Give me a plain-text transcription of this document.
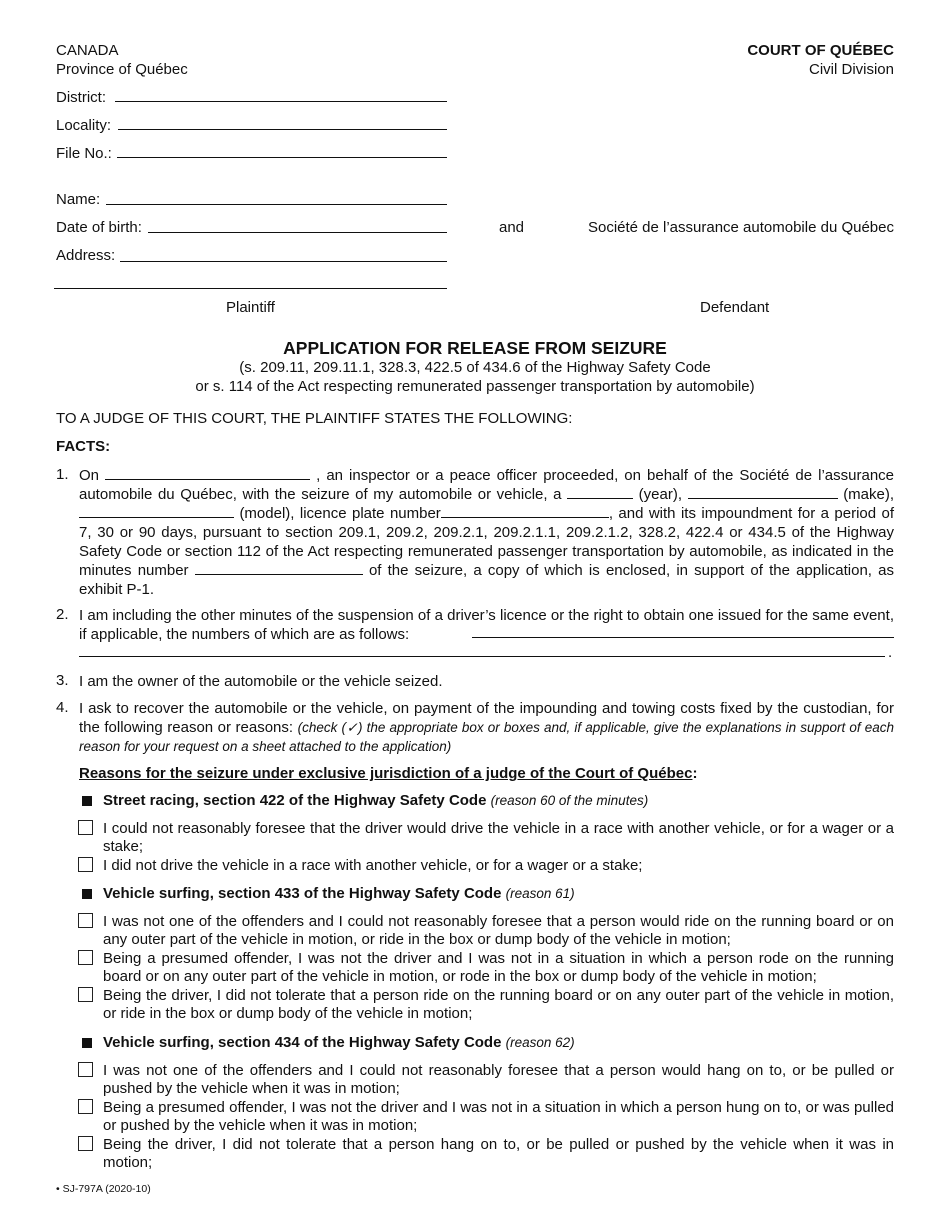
CANADA
Province of Québec
COURT OF QUÉBEC
Civil Division
District:
Locality:
File No.:
Name:
Date of birth:
Address:
and	Société de l’assurance automobile du Québec
Plaintiff	Defendant
APPLICATION FOR RELEASE FROM SEIZURE
(s. 209.11, 209.11.1, 328.3, 422.5 of 434.6 of the Highway Safety Code
or s. 114 of the Act respecting remunerated passenger transportation by automobile)
TO A JUDGE OF THIS COURT, THE PLAINTIFF STATES THE FOLLOWING:
FACTS:
1. On	, an inspector or a peace officer proceeded, on behalf of the Société de l’assurance automobile du Québec, with the seizure of my automobile or vehicle, a	(year),	(make),  (model), licence plate number	, and with its impoundment for a period of 7, 30 or 90 days, pursuant to section 209.1, 209.2, 209.2.1, 209.2.1.1, 209.2.1.2, 328.2, 422.4 or 434.5 of the Highway Safety Code or section 112 of the Act respecting remunerated passenger transportation by automobile, as indicated in the minutes number	of the seizure, a copy of which is enclosed, in support of the application, as exhibit P-1.
2. I am including the other minutes of the suspension of a driver’s licence or the right to obtain one issued for the same event, if applicable, the numbers of which are as follows:
.
3. I am the owner of the automobile or the vehicle seized.
4. I ask to recover the automobile or the vehicle, on payment of the impounding and towing costs fixed by the custodian, for the following reason or reasons: (check (✓) the appropriate box or boxes and, if applicable, give the explanations in support of each reason for your request on a sheet attached to the application)
Reasons for the seizure under exclusive jurisdiction of a judge of the Court of Québec:
Street racing, section 422 of the Highway Safety Code (reason 60 of the minutes)
I could not reasonably foresee that the driver would drive the vehicle in a race with another vehicle, or for a wager or a stake;
I did not drive the vehicle in a race with another vehicle, or for a wager or a stake;
Vehicle surfing, section 433 of the Highway Safety Code (reason 61)
I was not one of the offenders and I could not reasonably foresee that a person would ride on the running board or on any outer part of the vehicle in motion, or ride in the box or dump body of the vehicle in motion;
Being a presumed offender, I was not the driver and I was not in a situation in which a person rode on the running board or on any outer part of the vehicle in motion, or rode in the box or dump body of the vehicle in motion;
Being the driver, I did not tolerate that a person ride on the running board or on any outer part of the vehicle in motion, or ride in the box or dump body of the vehicle in motion;
Vehicle surfing, section 434 of the Highway Safety Code (reason 62)
I was not one of the offenders and I could not reasonably foresee that a person would hang on to, or be pulled or pushed by the vehicle when it was in motion;
Being a presumed offender, I was not the driver and I was not in a situation in which a person hung on to, or was pulled or pushed by the vehicle when it was in motion;
Being the driver, I did not tolerate that a person hang on to, or be pulled or pushed by the vehicle when it was in motion;
• SJ-797A (2020-10)
